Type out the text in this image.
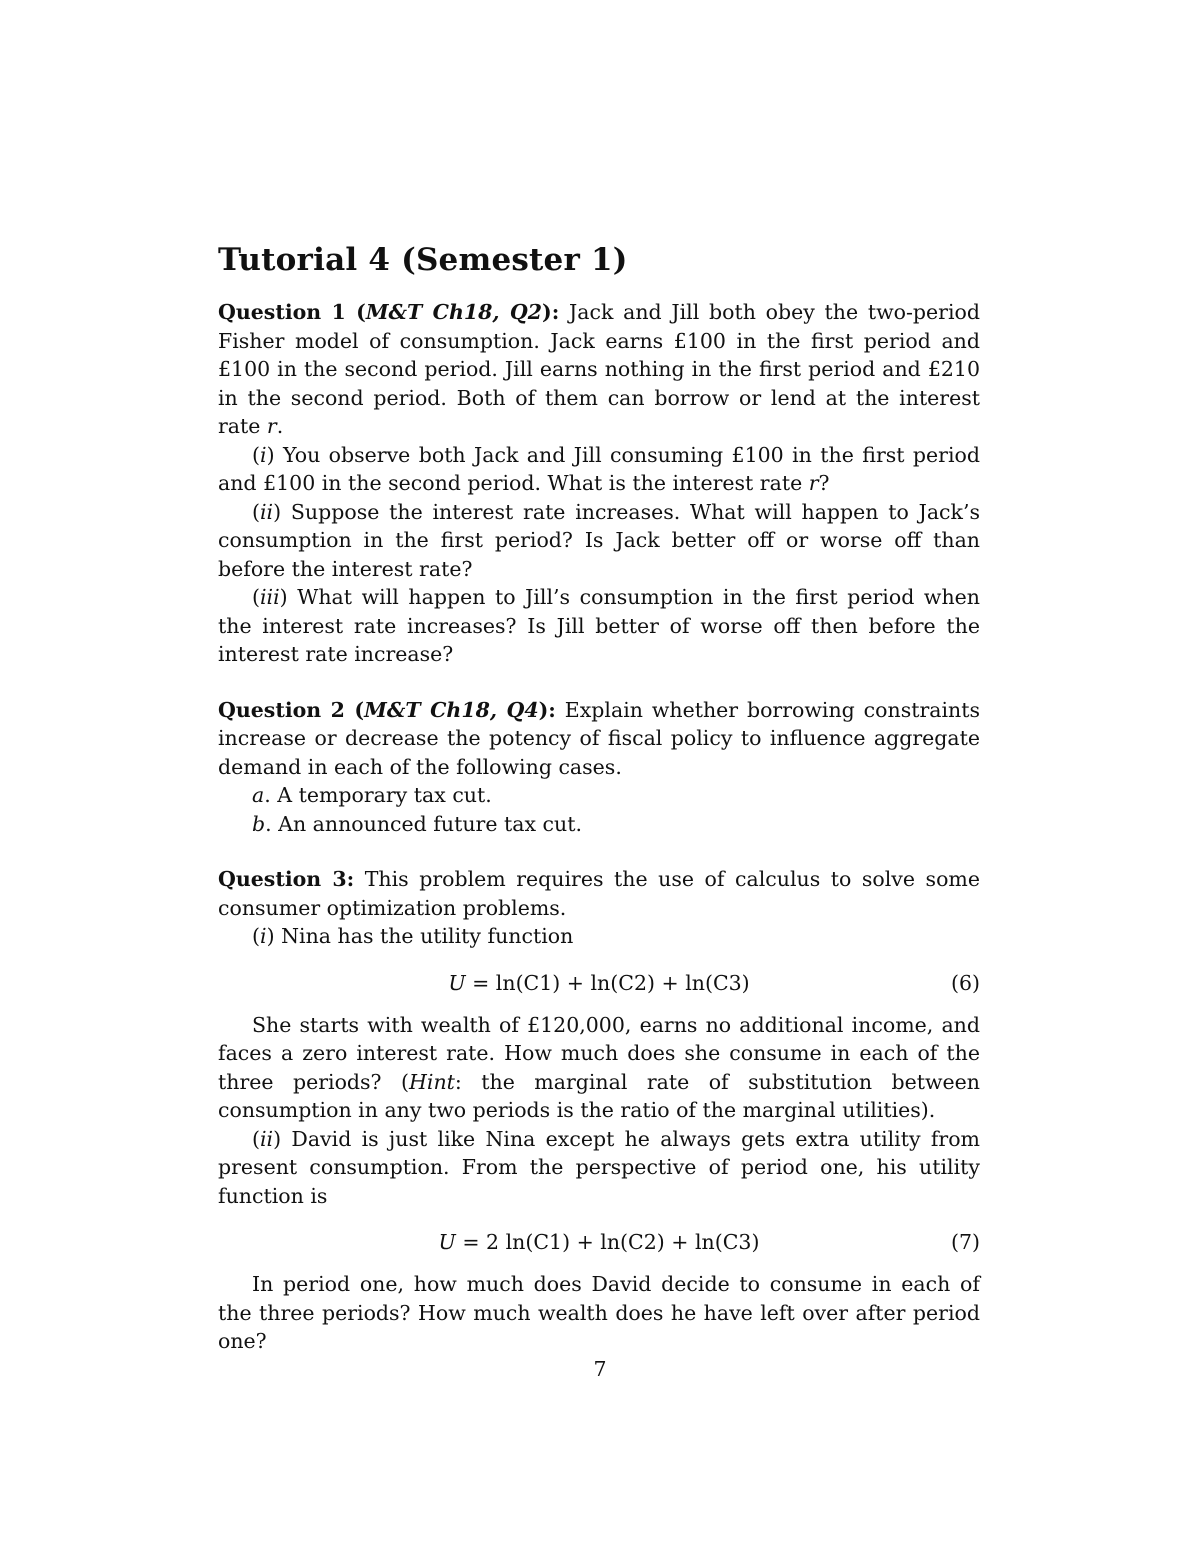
Tutorial 4 (Semester 1)

Question 1 (M&T Ch18, Q2): Jack and Jill both obey the two-period Fisher model of consumption. Jack earns £100 in the first period and £100 in the second period. Jill earns nothing in the first period and £210 in the second period. Both of them can borrow or lend at the interest rate r.

(i) You observe both Jack and Jill consuming £100 in the first period and £100 in the second period. What is the interest rate r?

(ii) Suppose the interest rate increases. What will happen to Jack’s consumption in the first period? Is Jack better off or worse off than before the interest rate?

(iii) What will happen to Jill’s consumption in the first period when the interest rate increases? Is Jill better of worse off then before the interest rate increase?

Question 2 (M&T Ch18, Q4): Explain whether borrowing constraints increase or decrease the potency of fiscal policy to influence aggregate demand in each of the following cases.

a. A temporary tax cut.

b. An announced future tax cut.

Question 3: This problem requires the use of calculus to solve some consumer optimization problems.

(i) Nina has the utility function

U = ln(C1) + ln(C2) + ln(C3)	(6)

She starts with wealth of £120,000, earns no additional income, and faces a zero interest rate. How much does she consume in each of the three periods? (Hint: the marginal rate of substitution between consumption in any two periods is the ratio of the marginal utilities).

(ii) David is just like Nina except he always gets extra utility from present consumption. From the perspective of period one, his utility function is

U = 2 ln(C1) + ln(C2) + ln(C3)	(7)

In period one, how much does David decide to consume in each of the three periods? How much wealth does he have left over after period one?

7
